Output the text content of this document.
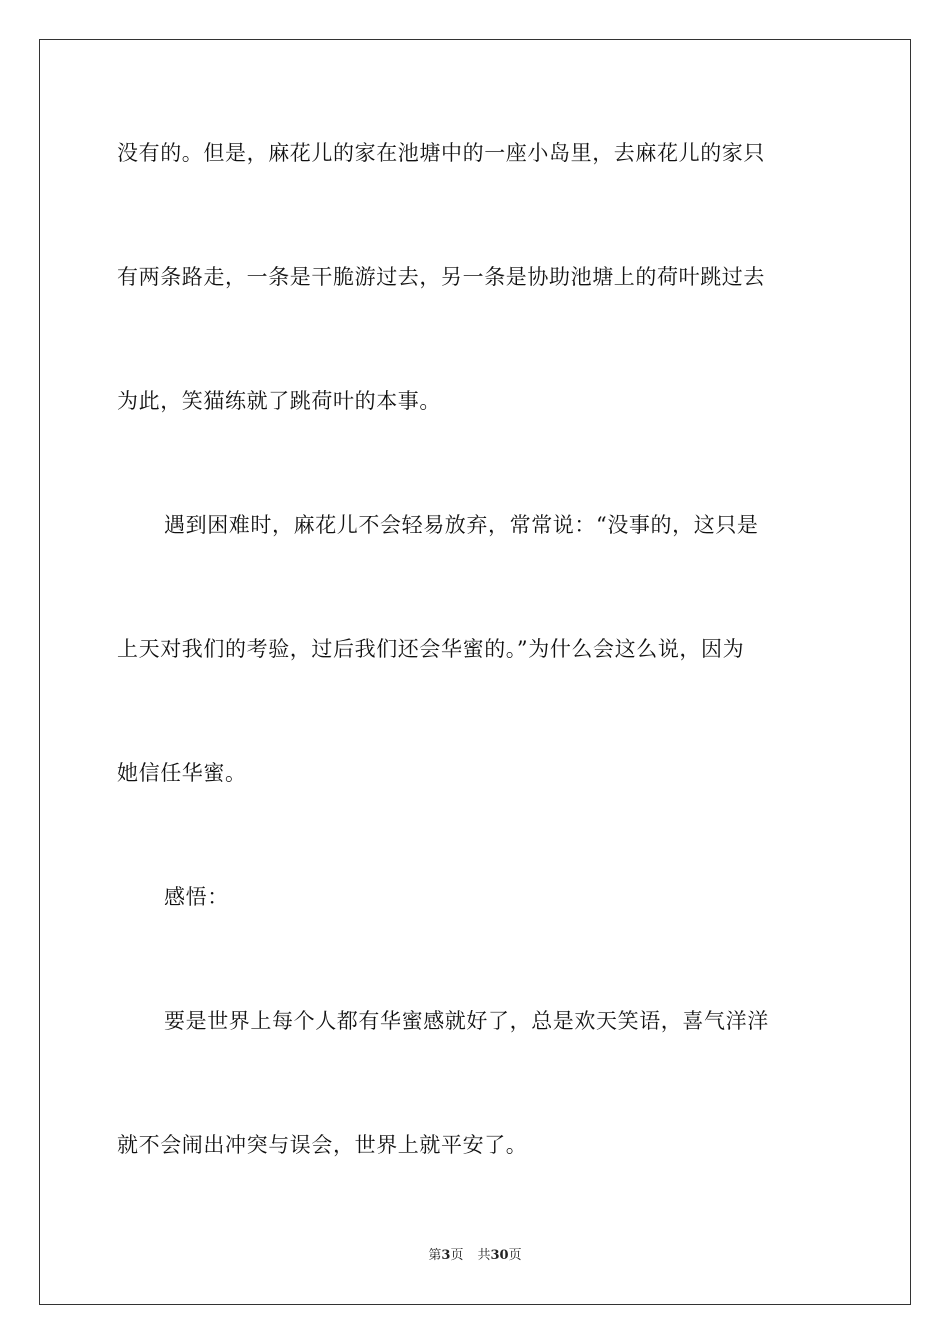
没有的。但是，麻花儿的家在池塘中的一座小岛里，去麻花儿的家只
有两条路走，一条是干脆游过去，另一条是协助池塘上的荷叶跳过去
为此，笑猫练就了跳荷叶的本事。
遇到困难时，麻花儿不会轻易放弃，常常说：“没事的，这只是
上天对我们的考验，过后我们还会华蜜的。”为什么会这么说，因为
她信任华蜜。
感悟：
要是世界上每个人都有华蜜感就好了，总是欢天笑语，喜气洋洋
就不会闹出冲突与误会，世界上就平安了。
第3页 共30页
